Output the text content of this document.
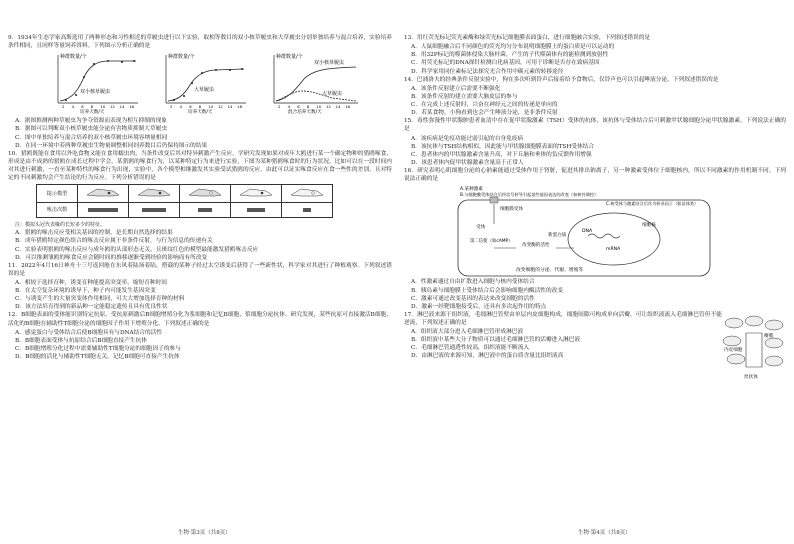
9．1934年生态学家高斯选用了两种形态和习性相近的草履虫进行以下实验，取相等数目的双小核草履虫和大草履虫分别单独培养与混合培养，实验培养条件相同，且同样等量饲养饵料。下列图示分析正确的是
种群数量/个
双小核草履虫
培养天数/天
2 4 6 8 10 12 14 16
种群数量/个
大草履虫
培养天数/天
2 4 6 8 10 12 14 16
种群数量/个
双小核草履虫
大草履虫
混合培养天数/天
2 4 6 8 10 12 14 16
A．据图推测两种草履虫为争夺资源而表现为相互抑制的现象
B．据图可以判断双小核草履虫能分泌有害物质抑制大草履虫
C．图中单独培养与混合培养的双小核草履虫环境容纳量相同
D．在同一环境中若两种草履虫生物量调整相同饲养数目后仍保持图示的结果
10．猎鸥既能在食用以外吃食物又能在食用蠕虫肉，当条件改变后其对特异刺激产生反应，学研究发现如果对成年大鸥进行某一个确定物种的猎鸥啄食，形成是由不成熟的猎鸥在成长过程中学会，某猎鸥的啄食行为，以某种特定行为来进行实验，下图为某种猎鸥啄食时的行为状况，比如可以在一段时间内对其进行刺激，一直至某种特性的啄食行为出现，实验中，各个模型相继激发其实验受试猎鸥的反应，由此可以证实啄食反应在食一些性的差别，且对特定的不同刺激均会产生结论的行为反应。下列分析错误的是
提示模型					
啄击次数	

注：模拟头冠代表喙的长短多少的特征。
A．猎鸥的啄击反应受相关基因的控制，是长期自然选择的结果
B．成年猎鸥特定颜色组合的啄击反应属于非条件反射，与行为信息的传递有关
C．实验表明猎鸥的啄击反应与成年鸥的头部形态无关，且斑纹红色的模型最能激发猎鸥啄击反应
D．可以推测雏鸥的啄食反应会随时间的推移逐渐受到经验的影响而有所改变
11．2022年4月16日神舟十三号返回舱在东风着陆场着陆，搭载的某种子经过太空诱变后获得了一些新性状，科学家对其进行了种植观察。下列叙述错误的是
A．相较于选择育种，诱变育种能提高突变率，缩短育种时间
B．在太空复杂环境的诱导下，种子内可能发生基因突变
C．与诱变产生的大量突变体作用相同，可大大增加选择育种的材料
D．该方法培育得到的新品种一定能稳定遗传且具有优良性状
12．B细胞表面的受体能识别特定抗原，受抗原刺激后B细胞增殖分化为浆细胞和记忆B细胞，浆细胞分泌抗体。研究发现，某些抗原可直接激活B细胞，活化的B细胞在辅助性T细胞分泌的细胞因子作用下增殖分化。下列叙述正确的是
A．感觉蛋白与受体结合后使B细胞具有与DNA结合的活性
B．B细胞表面受体与抗原结合后B细胞直接产生抗体
C．B细胞增殖分化过程中需要辅助性T细胞分泌的细胞因子的参与
D．B细胞的活化与辅助性T细胞无关，记忆B细胞可直接产生抗体
生物·第3页（共8页）
13．用红荧光标记荧光素酶和绿荧光标记细胞膜表面蛋白，进行细胞融合实验，下列叙述错误的是
A．人鼠细胞融合后不同颜色的荧光均匀分布说明细胞膜上的蛋白质是可以运动的
B．用32P标记的噬菌体侵染大肠杆菌，产生的子代噬菌体有的能检测到放射性
C．用荧光标记的DNA探针检测白化病基因，可用于诊断是否存在致病基因
D．科学家用同位素标记法探究光合作用中碳元素的转移途径
14．巴浦洛夫的经典条件反射实验中，狗在多次听到铃声后接着给予食物后，仅铃声也可以引起唾液分泌。下列叙述错误的是
A．该条件反射建立后需要不断强化
B．该条件反射的建立需要大脑皮层的参与
C．在完成上述反射时，兴奋在神经元之间的传递是单向的
D．若某食物，小狗看到也会产生唾液分泌，是非条件反射
15．毒性弥漫性甲状腺肿患者血清中存在促甲状腺激素（TSH）受体的抗体，该抗体与受体结合后可刺激甲状腺细胞分泌甲状腺激素。下列说法正确的是
A．该疾病是免疫功能过弱引起的自身免疫病
B．该抗体与TSH结构相似，因此能与甲状腺细胞膜表面的TSH受体结合
C．患者体内的甲状腺激素含量升高，对下丘脑和垂体的负反馈作用增强
D．该患者体内促甲状腺激素含量高于正常人
16．研究表明心肌细胞分泌的心钠素能通过受体作用于肾脏，促进其排出钠离子，另一种激素受体位于细胞核内，所以不同激素的作用机制不同。下列说法正确的是
A.某种激素
B.与细胞膜受体结合后经信号转导引起某些基因表达的改变（如核外调控）
C.核受体与激素结合后作为转录因子（如甾体类）
细胞膜受体
受体
第二信使（如cAMP）
改变酶的活性
细胞核
DNA
mRNA
新蛋白质
改变细胞的分泌、代谢、增殖等
A．性激素通过自由扩散进入细胞与核内受体结合
B．胰岛素与细胞膜上受体结合后会影响细胞内酶活性的改变
C．激素可通过改变基因的表达来改变细胞的活性
D．激素一经靶细胞接受后，还具有多次起作用的特点
17．淋巴液来源于组织液，毛细淋巴管壁由单层内皮细胞构成，细胞间隙可构成单向活瓣，可让组织液流入毛细淋巴管但不能逆流，下列叙述正确的是
A．组织液大部分进入毛细淋巴管形成淋巴液
B．组织液中某些大分子物质可以通过毛细淋巴管的活瓣进入淋巴液
C．毛细淋巴管通透性较高，组织液能不断流入
D．由淋巴液的来源可知，淋巴液中的蛋白质含量比组织液高
内皮细胞
瓣膜
丝状体
生物·第4页（共8页）
